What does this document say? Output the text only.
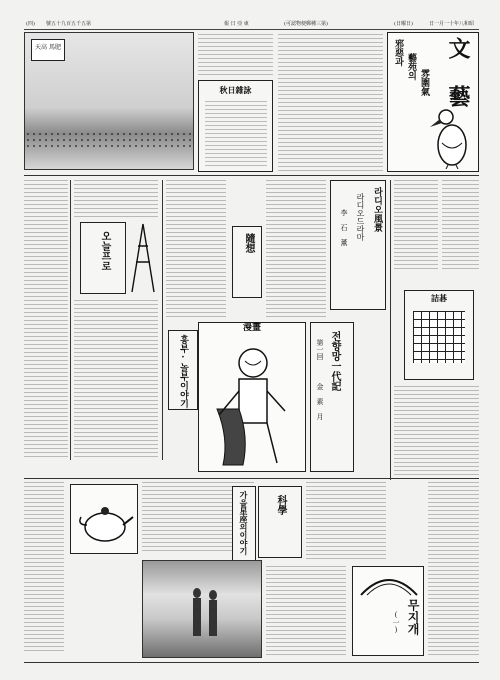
(四) 號五十九百五千五第	報 日 亞 東	(可認物便郵種三第)	(日曜日)	日一月一十年八和昭
天高 馬肥
秋日雜詠	文 藝
邪惡과
藝苑의
雰圍氣
오늘프로	隨想
흥부·놀부이야기
漫畫
전향망一代記
第一回
金 素 月
라디오風景
라디오드라마
李 石 薰
詰碁
科學
가을星座의이야기
무지개
(一)
